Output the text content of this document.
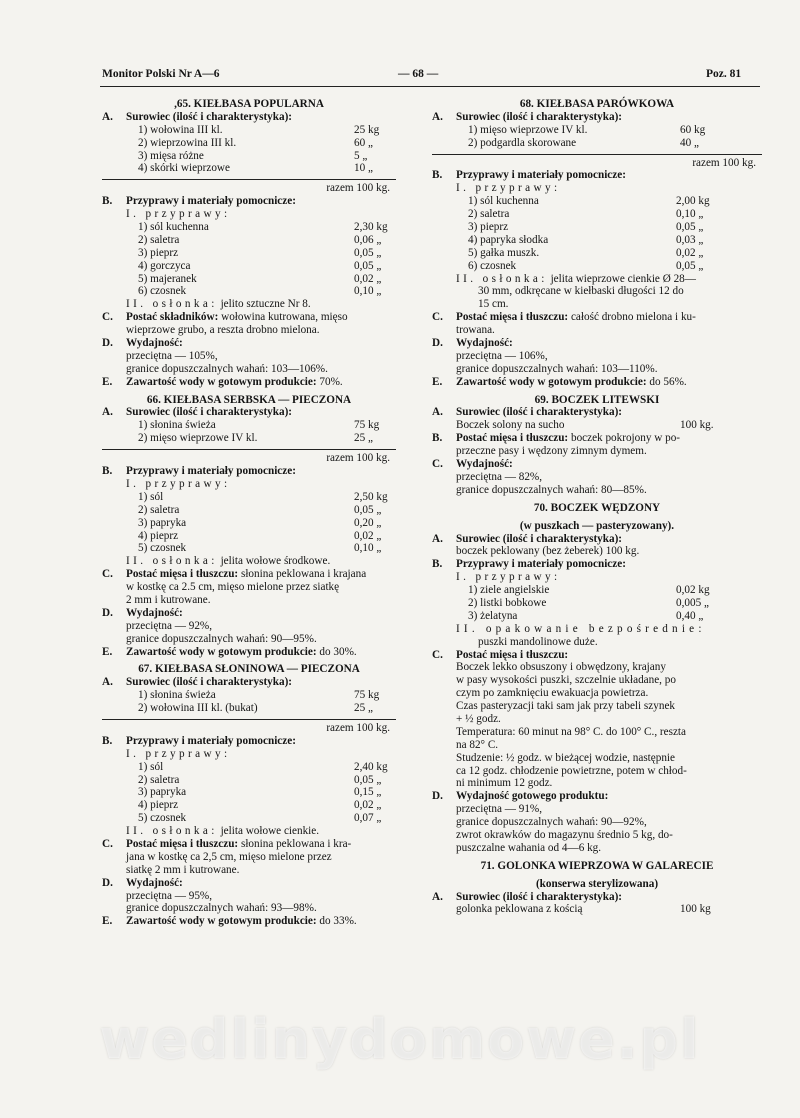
Monitor Polski Nr A—6	— 68 —	Poz. 81
,65. KIEŁBASA POPULARNA
A. Surowiec (ilość i charakterystyka):
1) wołowina III kl.	25 kg
2) wieprzowina III kl.	60 „
3) mięsa różne	5 „
4) skórki wieprzowe	10 „
razem 100 kg.
B. Przyprawy i materiały pomocnicze:
I. przyprawy:
1) sól kuchenna	2,30 kg
2) saletra	0,06 „
3) pieprz	0,05 „
4) gorczyca	0,05 „
5) majeranek	0,02 „
6) czosnek	0,10 „
II. osłonka: jelito sztuczne Nr 8.
C. Postać składników: wołowina kutrowana, mięso
wieprzowe grubo, a reszta drobno mielona.
D. Wydajność:
przeciętna — 105%,
granice dopuszczalnych wahań: 103—106%.
E. Zawartość wody w gotowym produkcie: 70%.
66. KIEŁBASA SERBSKA — PIECZONA
A. Surowiec (ilość i charakterystyka):
1) słonina świeża	75 kg
2) mięso wieprzowe IV kl.	25 „
razem 100 kg.
B. Przyprawy i materiały pomocnicze:
I. przyprawy:
1) sól	2,50 kg
2) saletra	0,05 „
3) papryka	0,20 „
4) pieprz	0,02 „
5) czosnek	0,10 „
II. osłonka: jelita wołowe środkowe.
C. Postać mięsa i tłuszczu: słonina peklowana i krajana
w kostkę ca 2.5 cm, mięso mielone przez siatkę
2 mm i kutrowane.
D. Wydajność:
przeciętna — 92%,
granice dopuszczalnych wahań: 90—95%.
E. Zawartość wody w gotowym produkcie: do 30%.
67. KIEŁBASA SŁONINOWA — PIECZONA
A. Surowiec (ilość i charakterystyka):
1) słonina świeża	75 kg
2) wołowina III kl. (bukat)	25 „
razem 100 kg.
B. Przyprawy i materiały pomocnicze:
I. przyprawy:
1) sól	2,40 kg
2) saletra	0,05 „
3) papryka	0,15 „
4) pieprz	0,02 „
5) czosnek	0,07 „
II. osłonka: jelita wołowe cienkie.
C. Postać mięsa i tłuszczu: słonina peklowana i kra-
jana w kostkę ca 2,5 cm, mięso mielone przez
siatkę 2 mm i kutrowane.
D. Wydajność:
przeciętna — 95%,
granice dopuszczalnych wahań: 93—98%.
E. Zawartość wody w gotowym produkcie: do 33%.
68. KIEŁBASA PARÓWKOWA
A. Surowiec (ilość i charakterystyka):
1) mięso wieprzowe IV kl.	60 kg
2) podgardla skorowane	40 „
razem 100 kg.
B. Przyprawy i materiały pomocnicze:
I. przyprawy:
1) sól kuchenna	2,00 kg
2) saletra	0,10 „
3) pieprz	0,05 „
4) papryka słodka	0,03 „
5) gałka muszk.	0,02 „
6) czosnek	0,05 „
II. osłonka: jelita wieprzowe cienkie Ø 28—
30 mm, odkręcane w kiełbaski długości 12 do
15 cm.
C. Postać mięsa i tłuszczu: całość drobno mielona i ku-
trowana.
D. Wydajność:
przeciętna — 106%,
granice dopuszczalnych wahań: 103—110%.
E. Zawartość wody w gotowym produkcie: do 56%.
69. BOCZEK LITEWSKI
A. Surowiec (ilość i charakterystyka):
Boczek solony na sucho	100 kg.
B. Postać mięsa i tłuszczu: boczek pokrojony w po-
przeczne pasy i wędzony zimnym dymem.
C. Wydajność:
przeciętna — 82%,
granice dopuszczalnych wahań: 80—85%.
70. BOCZEK WĘDZONY
(w puszkach — pasteryzowany).
A. Surowiec (ilość i charakterystyka):
boczek peklowany (bez żeberek) 100 kg.
B. Przyprawy i materiały pomocnicze:
I. przyprawy:
1) ziele angielskie	0,02 kg
2) listki bobkowe	0,005 „
3) żelatyna	0,40 „
II. opakowanie bezpośrednie:
puszki mandolinowe duże.
C. Postać mięsa i tłuszczu:
Boczek lekko obsuszony i obwędzony, krajany
w pasy wysokości puszki, szczelnie układane, po
czym po zamknięciu ewakuacja powietrza.
Czas pasteryzacji taki sam jak przy tabeli szynek
+ ½ godz.
Temperatura: 60 minut na 98° C. do 100° C., reszta
na 82° C.
Studzenie: ½ godz. w bieżącej wodzie, następnie
ca 12 godz. chłodzenie powietrzne, potem w chłod-
ni minimum 12 godz.
D. Wydajność gotowego produktu:
przeciętna — 91%,
granice dopuszczalnych wahań: 90—92%,
zwrot okrawków do magazynu średnio 5 kg, do-
puszczalne wahania od 4—6 kg.
71. GOLONKA WIEPRZOWA W GALARECIE
(konserwa sterylizowana)
A. Surowiec (ilość i charakterystyka):
golonka peklowana z kością	100 kg
wedlinydomowe.pl
